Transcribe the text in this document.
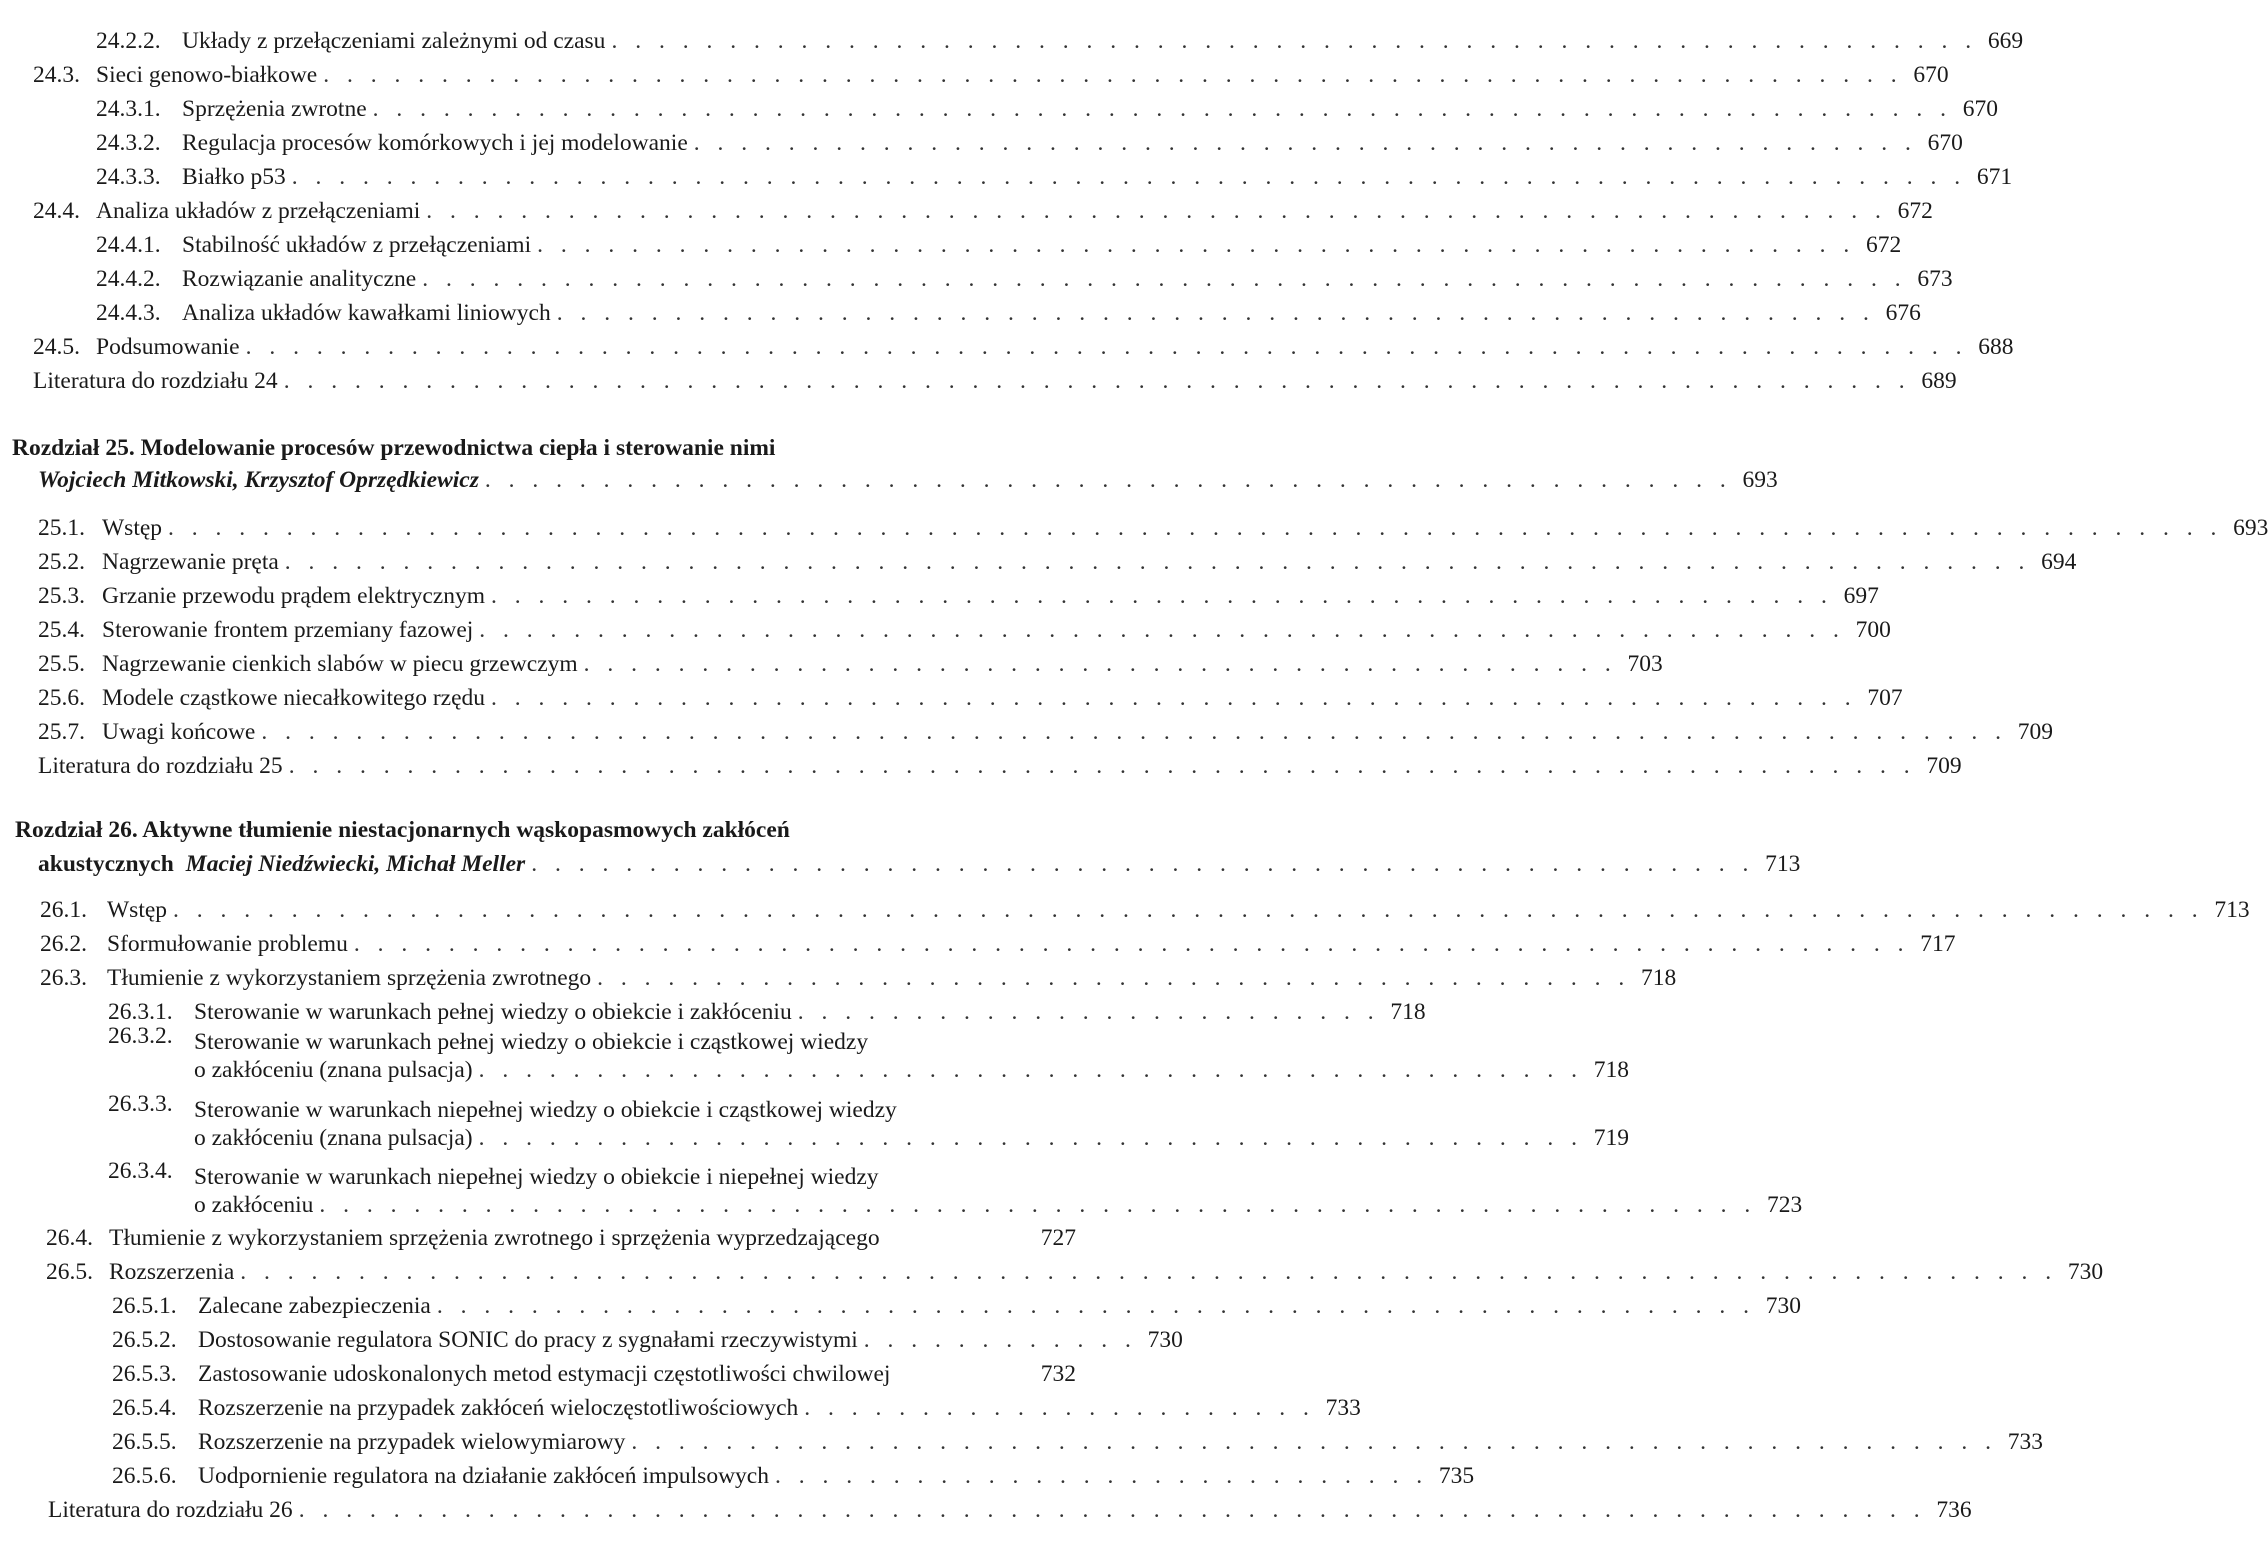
24.2.2. Układy z przełączeniami zależnymi od czasu . . . . . . . . . . . . . . . . . . . . . . . . . . . . . . . . . . . . . . . . . . . . . . . . . . . . . . . . . . 669
24.3. Sieci genowo-białkowe . . . . . . . . . . . . . . . . . . . . . . . . . . . . . . . . . . . . . . . . . . . . . . . . . . . . . . . . . . . . . . . . . . . 670
24.3.1. Sprzężenia zwrotne . . . . . . . . . . . . . . . . . . . . . . . . . . . . . . . . . . . . . . . . . . . . . . . . . . . . . . . . . . . . . . . . . . . 670
24.3.2. Regulacja procesów komórkowych i jej modelowanie . . . . . . . . . . . . . . . . . . . . . . . . . . . . . . . . . . . . . . . . . . . . . . . . . . . . 670
24.3.3. Białko p53 . . . . . . . . . . . . . . . . . . . . . . . . . . . . . . . . . . . . . . . . . . . . . . . . . . . . . . . . . . . . . . . . . . . . . . . 671
24.4. Analiza układów z przełączeniami . . . . . . . . . . . . . . . . . . . . . . . . . . . . . . . . . . . . . . . . . . . . . . . . . . . . . . . . . . . . . . 672
24.4.1. Stabilność układów z przełączeniami . . . . . . . . . . . . . . . . . . . . . . . . . . . . . . . . . . . . . . . . . . . . . . . . . . . . . . . . 672
24.4.2. Rozwiązanie analityczne . . . . . . . . . . . . . . . . . . . . . . . . . . . . . . . . . . . . . . . . . . . . . . . . . . . . . . . . . . . . . . . 673
24.4.3. Analiza układów kawałkami liniowych . . . . . . . . . . . . . . . . . . . . . . . . . . . . . . . . . . . . . . . . . . . . . . . . . . . . . . . . 676
24.5. Podsumowanie . . . . . . . . . . . . . . . . . . . . . . . . . . . . . . . . . . . . . . . . . . . . . . . . . . . . . . . . . . . . . . . . . . . . . . . . . 688
Literatura do rozdziału 24 . . . . . . . . . . . . . . . . . . . . . . . . . . . . . . . . . . . . . . . . . . . . . . . . . . . . . . . . . . . . . . . . . . . . . 689
Rozdział 25. Modelowanie procesów przewodnictwa ciepła i sterowanie nimi
Wojciech Mitkowski, Krzysztof Oprzędkiewicz . . . . . . . . . . . . . . . . . . . . . . . . . . . . . . . . . . . . . . . . . . . . . . . . . . . . . 693
25.1. Wstęp . . . . . . . . . . . . . . . . . . . . . . . . . . . . . . . . . . . . . . . . . . . . . . . . . . . . . . . . . . . . . . . . . . . . . . . . . . . . . . . . . . . . . . . 693
25.2. Nagrzewanie pręta . . . . . . . . . . . . . . . . . . . . . . . . . . . . . . . . . . . . . . . . . . . . . . . . . . . . . . . . . . . . . . . . . . . . . . . . . . 694
25.3. Grzanie przewodu prądem elektrycznym . . . . . . . . . . . . . . . . . . . . . . . . . . . . . . . . . . . . . . . . . . . . . . . . . . . . . . . . . 697
25.4. Sterowanie frontem przemiany fazowej . . . . . . . . . . . . . . . . . . . . . . . . . . . . . . . . . . . . . . . . . . . . . . . . . . . . . . . . . . 700
25.5. Nagrzewanie cienkich slabów w piecu grzewczym . . . . . . . . . . . . . . . . . . . . . . . . . . . . . . . . . . . . . . . . . . . . 703
25.6. Modele cząstkowe niecałkowitego rzędu . . . . . . . . . . . . . . . . . . . . . . . . . . . . . . . . . . . . . . . . . . . . . . . . . . . . . . . . . . 707
25.7. Uwagi końcowe . . . . . . . . . . . . . . . . . . . . . . . . . . . . . . . . . . . . . . . . . . . . . . . . . . . . . . . . . . . . . . . . . . . . . . . . . . 709
Literatura do rozdziału 25 . . . . . . . . . . . . . . . . . . . . . . . . . . . . . . . . . . . . . . . . . . . . . . . . . . . . . . . . . . . . . . . . . . . . . 709
Rozdział 26. Aktywne tłumienie niestacjonarnych wąskopasmowych zakłóceń
akustycznych Maciej Niedźwiecki, Michał Meller . . . . . . . . . . . . . . . . . . . . . . . . . . . . . . . . . . . . . . . . . . . . . . . . . . . . 713
26.1. Wstęp . . . . . . . . . . . . . . . . . . . . . . . . . . . . . . . . . . . . . . . . . . . . . . . . . . . . . . . . . . . . . . . . . . . . . . . . . . . . . . . . . . . . . . 713
26.2. Sformułowanie problemu . . . . . . . . . . . . . . . . . . . . . . . . . . . . . . . . . . . . . . . . . . . . . . . . . . . . . . . . . . . . . . . . . . 717
26.3. Tłumienie z wykorzystaniem sprzężenia zwrotnego . . . . . . . . . . . . . . . . . . . . . . . . . . . . . . . . . . . . . . . . . . . . 718
26.3.1. Sterowanie w warunkach pełnej wiedzy o obiekcie i zakłóceniu . . . . . . . . . . . . . . . . . . . . . . . . . 718
26.3.2. Sterowanie w warunkach pełnej wiedzy o obiekcie i cząstkowej wiedzy
o zakłóceniu (znana pulsacja) . . . . . . . . . . . . . . . . . . . . . . . . . . . . . . . . . . . . . . . . . . . . . . . 718
26.3.3. Sterowanie w warunkach niepełnej wiedzy o obiekcie i cząstkowej wiedzy
o zakłóceniu (znana pulsacja) . . . . . . . . . . . . . . . . . . . . . . . . . . . . . . . . . . . . . . . . . . . . . . . 719
26.3.4. Sterowanie w warunkach niepełnej wiedzy o obiekcie i niepełnej wiedzy
o zakłóceniu . . . . . . . . . . . . . . . . . . . . . . . . . . . . . . . . . . . . . . . . . . . . . . . . . . . . . . . . . . . . . 723
26.4. Tłumienie z wykorzystaniem sprzężenia zwrotnego i sprzężenia wyprzedzającego
	727
26.5. Rozszerzenia . . . . . . . . . . . . . . . . . . . . . . . . . . . . . . . . . . . . . . . . . . . . . . . . . . . . . . . . . . . . . . . . . . . . . . . . . . . . . 730
26.5.1. Zalecane zabezpieczenia . . . . . . . . . . . . . . . . . . . . . . . . . . . . . . . . . . . . . . . . . . . . . . . . . . . . . . . . 730
26.5.2. Dostosowanie regulatora SONIC do pracy z sygnałami rzeczywistymi . . . . . . . . . . . . 730
26.5.3. Zastosowanie udoskonalonych metod estymacji częstotliwości chwilowej
	732
26.5.4. Rozszerzenie na przypadek zakłóceń wieloczęstotliwościowych . . . . . . . . . . . . . . . . . . . . . . 733
26.5.5. Rozszerzenie na przypadek wielowymiarowy . . . . . . . . . . . . . . . . . . . . . . . . . . . . . . . . . . . . . . . . . . . . . . . . . . . . . . . . . . 733
26.5.6. Uodpornienie regulatora na działanie zakłóceń impulsowych . . . . . . . . . . . . . . . . . . . . . . . . . . . . 735
Literatura do rozdziału 26 . . . . . . . . . . . . . . . . . . . . . . . . . . . . . . . . . . . . . . . . . . . . . . . . . . . . . . . . . . . . . . . . . . . . . 736
